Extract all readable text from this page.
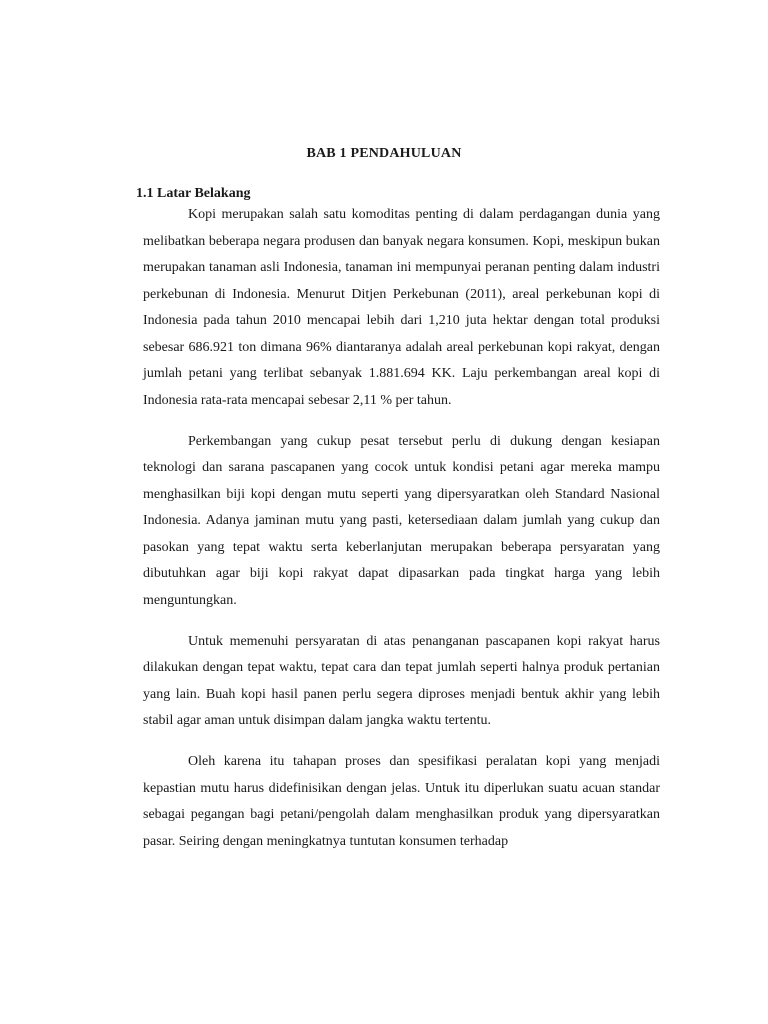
BAB 1 PENDAHULUAN
1.1 Latar Belakang

Kopi merupakan salah satu komoditas penting di dalam perdagangan dunia yang melibatkan beberapa negara produsen dan banyak negara konsumen. Kopi, meskipun bukan merupakan tanaman asli Indonesia, tanaman ini mempunyai peranan penting dalam industri perkebunan di Indonesia. Menurut Ditjen Perkebunan (2011), areal perkebunan kopi di Indonesia pada tahun 2010 mencapai lebih dari 1,210 juta hektar dengan total produksi sebesar 686.921 ton dimana 96% diantaranya adalah areal perkebunan kopi rakyat, dengan jumlah petani yang terlibat sebanyak 1.881.694 KK. Laju perkembangan areal kopi di Indonesia rata-rata mencapai sebesar 2,11 % per tahun.

Perkembangan yang cukup pesat tersebut perlu di dukung dengan kesiapan teknologi dan sarana pascapanen yang cocok untuk kondisi petani agar mereka mampu menghasilkan biji kopi dengan mutu seperti yang dipersyaratkan oleh Standard Nasional Indonesia. Adanya jaminan mutu yang pasti, ketersediaan dalam jumlah yang cukup dan pasokan yang tepat waktu serta keberlanjutan merupakan beberapa persyaratan yang dibutuhkan agar biji kopi rakyat dapat dipasarkan pada tingkat harga yang lebih menguntungkan.

Untuk memenuhi persyaratan di atas penanganan pascapanen kopi rakyat harus dilakukan dengan tepat waktu, tepat cara dan tepat jumlah seperti halnya produk pertanian yang lain. Buah kopi hasil panen perlu segera diproses menjadi bentuk akhir yang lebih stabil agar aman untuk disimpan dalam jangka waktu tertentu.

Oleh karena itu tahapan proses dan spesifikasi peralatan kopi yang menjadi kepastian mutu harus didefinisikan dengan jelas. Untuk itu diperlukan suatu acuan standar sebagai pegangan bagi petani/pengolah dalam menghasilkan produk yang dipersyaratkan pasar. Seiring dengan meningkatnya tuntutan konsumen terhadap
